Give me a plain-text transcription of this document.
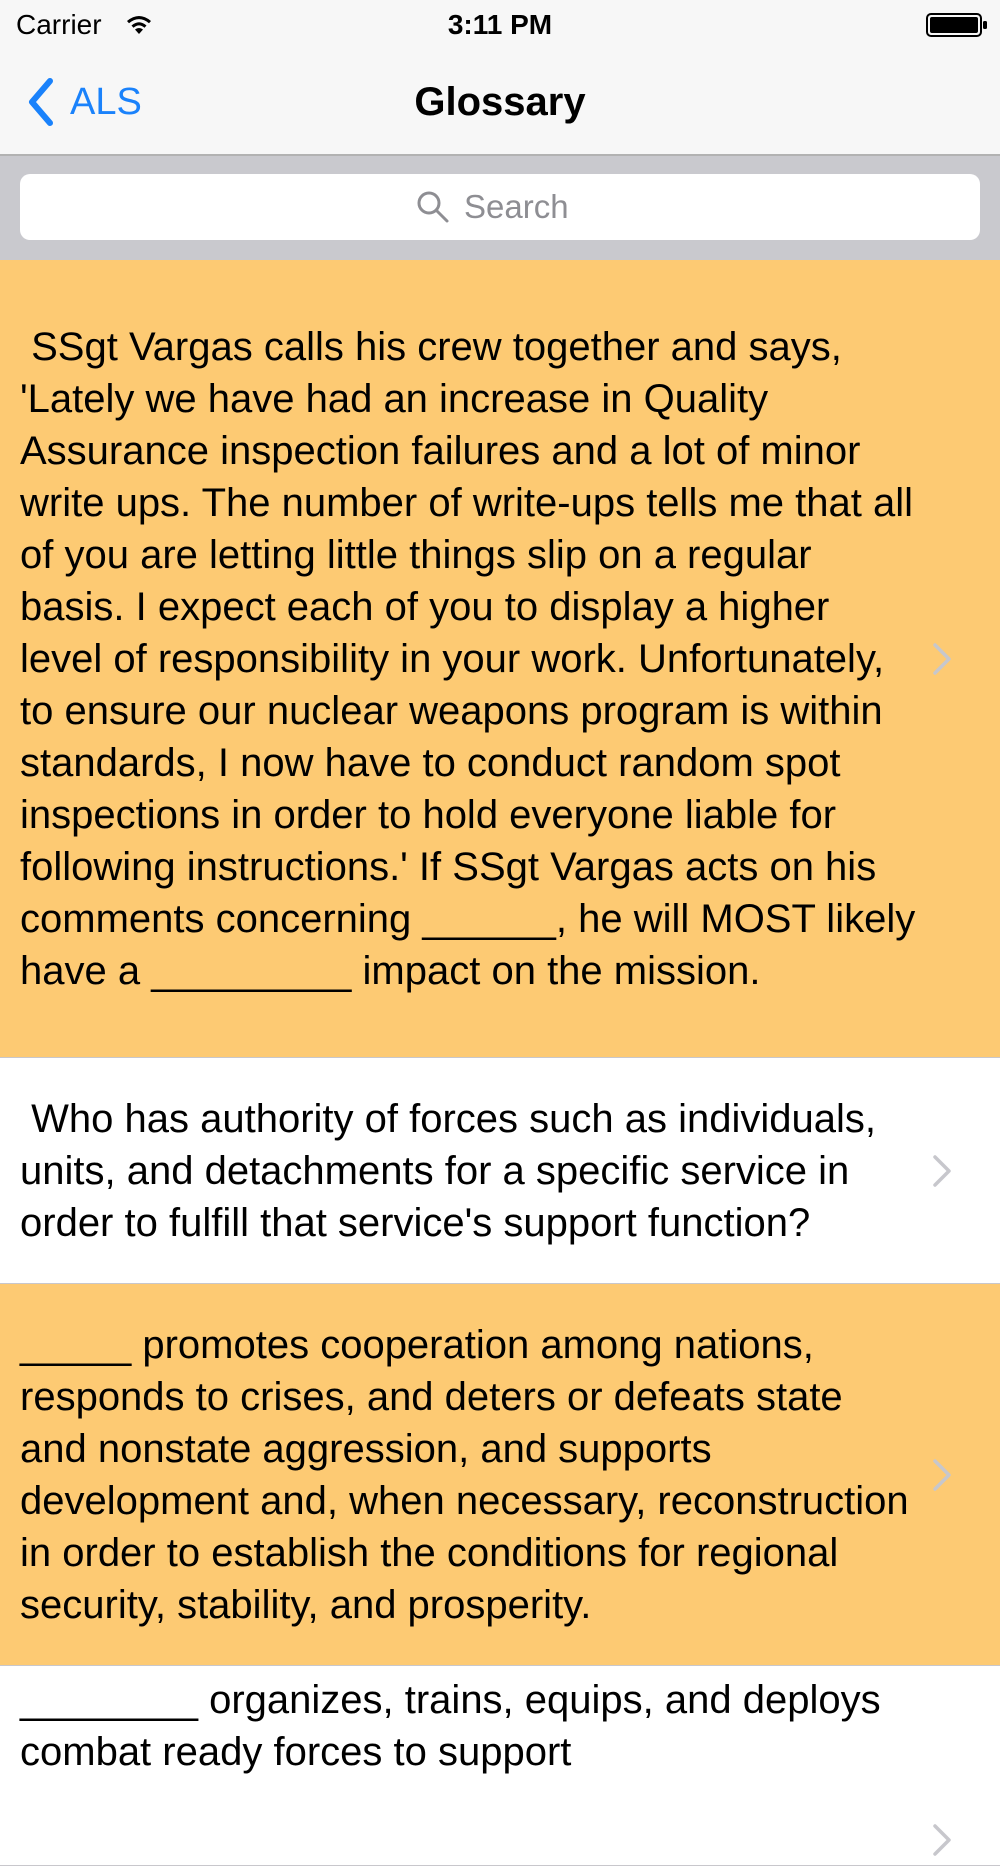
Carrier	3:11 PM
ALS	Glossary
Search
SSgt Vargas calls his crew together and says, 'Lately we have had an increase in Quality Assurance inspection failures and a lot of minor write ups. The number of write-ups tells me that all of you are letting little things slip on a regular basis. I expect each of you to display a higher level of responsibility in your work. Unfortunately, to ensure our nuclear weapons program is within standards, I now have to conduct random spot inspections in order to hold everyone liable for following instructions.' If SSgt Vargas acts on his comments concerning ______, he will MOST likely have a _________ impact on the mission.
Who has authority of forces such as individuals, units, and detachments for a specific service in order to fulfill that service's support function?
_____ promotes cooperation among nations, responds to crises, and deters or defeats state and nonstate aggression, and supports development and, when necessary, reconstruction in order to establish the conditions for regional security, stability, and prosperity.
________ organizes, trains, equips, and deploys combat ready forces to support
